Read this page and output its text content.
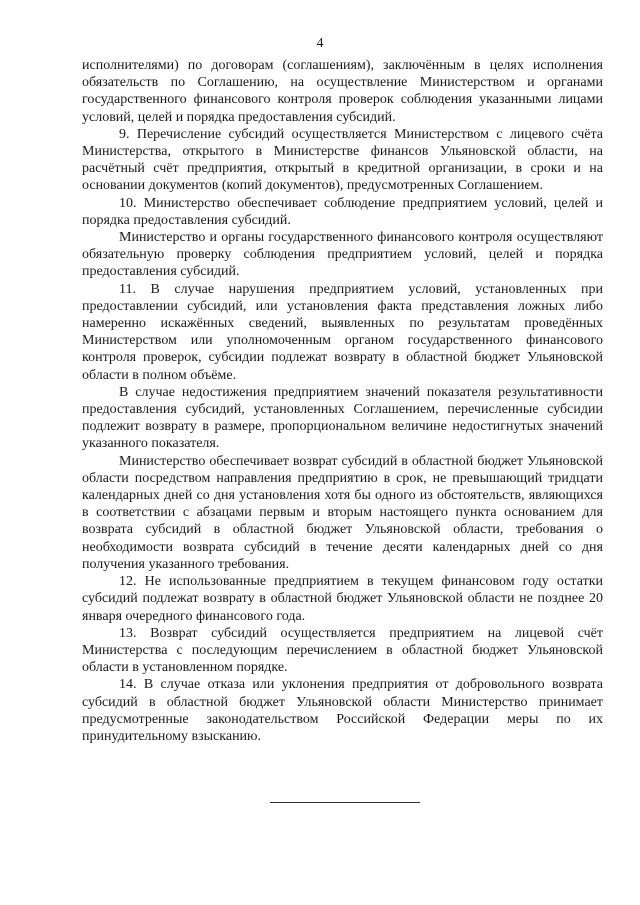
4

исполнителями) по договорам (соглашениям), заключённым в целях исполнения обязательств по Соглашению, на осуществление Министерством и органами государственного финансового контроля проверок соблюдения указанными лицами условий, целей и порядка предоставления субсидий.

9. Перечисление субсидий осуществляется Министерством с лицевого счёта Министерства, открытого в Министерстве финансов Ульяновской области, на расчётный счёт предприятия, открытый в кредитной организации, в сроки и на основании документов (копий документов), предусмотренных Соглашением.

10. Министерство обеспечивает соблюдение предприятием условий, целей и порядка предоставления субсидий.

Министерство и органы государственного финансового контроля осуществляют обязательную проверку соблюдения предприятием условий, целей и порядка предоставления субсидий.

11. В случае нарушения предприятием условий, установленных при предоставлении субсидий, или установления факта представления ложных либо намеренно искажённых сведений, выявленных по результатам проведённых Министерством или уполномоченным органом государственного финансового контроля проверок, субсидии подлежат возврату в областной бюджет Ульяновской области в полном объёме.

В случае недостижения предприятием значений показателя результативности предоставления субсидий, установленных Соглашением, перечисленные субсидии подлежит возврату в размере, пропорциональном величине недостигнутых значений указанного показателя.

Министерство обеспечивает возврат субсидий в областной бюджет Ульяновской области посредством направления предприятию в срок, не превышающий тридцати календарных дней со дня установления хотя бы одного из обстоятельств, являющихся в соответствии с абзацами первым и вторым настоящего пункта основанием для возврата субсидий в областной бюджет Ульяновской области, требования о необходимости возврата субсидий в течение десяти календарных дней со дня получения указанного требования.

12. Не использованные предприятием в текущем финансовом году остатки субсидий подлежат возврату в областной бюджет Ульяновской области не позднее 20 января очередного финансового года.

13. Возврат субсидий осуществляется предприятием на лицевой счёт Министерства с последующим перечислением в областной бюджет Ульяновской области в установленном порядке.

14. В случае отказа или уклонения предприятия от добровольного возврата субсидий в областной бюджет Ульяновской области Министерство принимает предусмотренные законодательством Российской Федерации меры по их принудительному взысканию.
